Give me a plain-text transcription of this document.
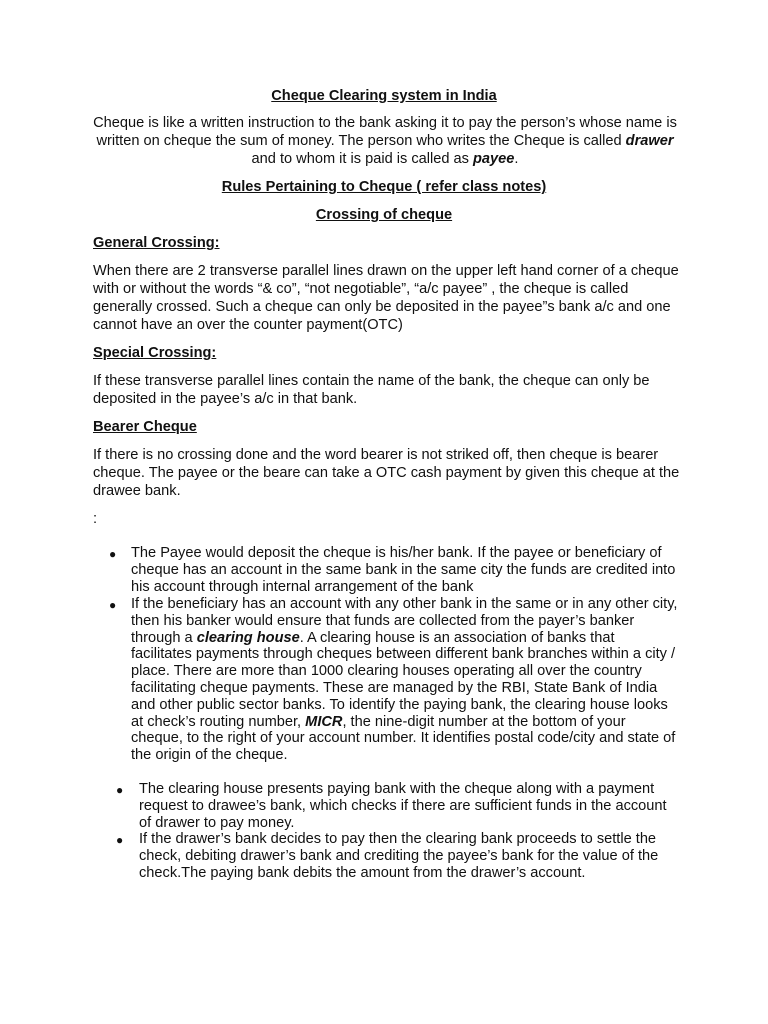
Cheque Clearing system in India

Cheque is like a written instruction to the bank asking it to pay the person’s whose name is written on cheque the sum of money. The person who writes the Cheque is called drawer and to whom it is paid is called as payee.

Rules Pertaining to Cheque ( refer class notes)

Crossing of cheque

General Crossing:

When there are 2 transverse parallel lines drawn on the upper left hand corner of a cheque with or without the words “& co”, “not negotiable”, “a/c payee” , the cheque is called generally crossed. Such a cheque can only be deposited in the payee”s bank a/c and one cannot have an over the counter payment(OTC)

Special Crossing:

If these transverse parallel lines contain the name of the bank, the cheque can only be deposited in the payee’s a/c in that bank.

Bearer Cheque

If there is no crossing done and the word bearer is not striked off, then cheque is bearer cheque. The payee or the beare can take a OTC cash payment by given this cheque at the drawee bank.

:

● The Payee would deposit the cheque is his/her bank. If the payee or beneficiary of cheque has an account in the same bank in the same city the funds are credited into his account through internal arrangement of the bank

● If the beneficiary has an account with any other bank in the same or in any other city, then his banker would ensure that funds are collected from the payer’s banker through a clearing house. A clearing house is an association of banks that facilitates payments through cheques between different bank branches within a city / place. There are more than 1000 clearing houses operating all over the country facilitating cheque payments. These are managed by the RBI, State Bank of India and other public sector banks. To identify the paying bank, the clearing house looks at check’s routing number, MICR, the nine-digit number at the bottom of your cheque, to the right of your account number. It identifies postal code/city and state of the origin of the cheque.

● The clearing house presents paying bank with the cheque along with a payment request to drawee’s bank, which checks if there are sufficient funds in the account of drawer to pay money.

● If the drawer’s bank decides to pay then the clearing bank proceeds to settle the check, debiting drawer’s bank and crediting the payee’s bank for the value of the check.The paying bank debits the amount from the drawer’s account.
